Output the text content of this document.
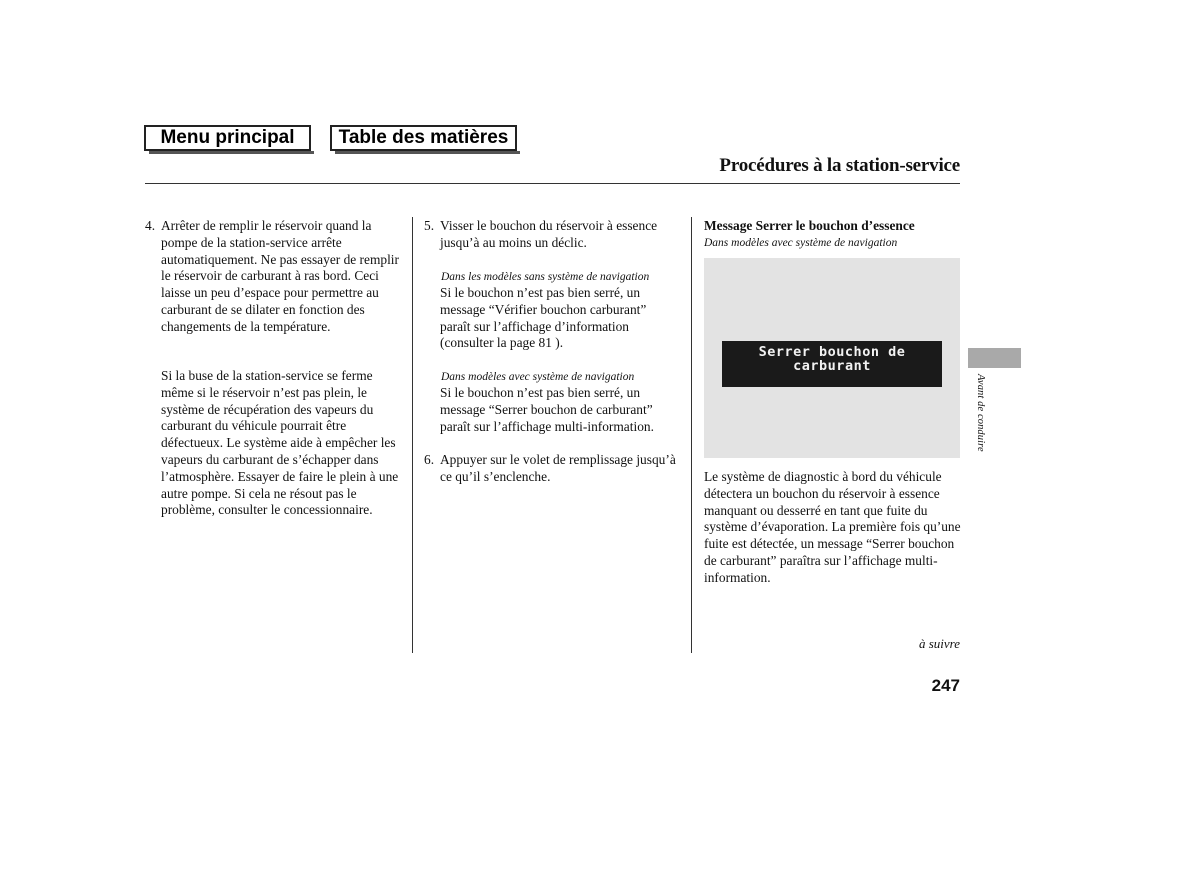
Menu principal	Table des matières
Procédures à la station-service
4. Arrêter de remplir le réservoir quand la pompe de la station-service arrête automatiquement. Ne pas essayer de remplir le réservoir de carburant à ras bord. Ceci laisse un peu d’espace pour permettre au carburant de se dilater en fonction des changements de la température.
Si la buse de la station-service se ferme même si le réservoir n’est pas plein, le système de récupération des vapeurs du carburant du véhicule pourrait être défectueux. Le système aide à empêcher les vapeurs du carburant de s’échapper dans l’atmosphère. Essayer de faire le plein à une autre pompe. Si cela ne résout pas le problème, consulter le concessionnaire.
5. Visser le bouchon du réservoir à essence jusqu’à au moins un déclic.
Dans les modèles sans système de navigation
Si le bouchon n’est pas bien serré, un message “Vérifier bouchon carburant” paraît sur l’affichage d’information (consulter la page 81 ).
Dans modèles avec système de navigation
Si le bouchon n’est pas bien serré, un message “Serrer bouchon de carburant” paraît sur l’affichage multi-information.
6. Appuyer sur le volet de remplissage jusqu’à ce qu’il s’enclenche.
Message Serrer le bouchon d’essence
Dans modèles avec système de navigation
Serrer bouchon de
carburant
Le système de diagnostic à bord du véhicule détectera un bouchon du réservoir à essence manquant ou desserré en tant que fuite du système d’évaporation. La première fois qu’une fuite est détectée, un message “Serrer bouchon de carburant” paraîtra sur l’affichage multi-information.
Avant de conduire
à suivre
247
